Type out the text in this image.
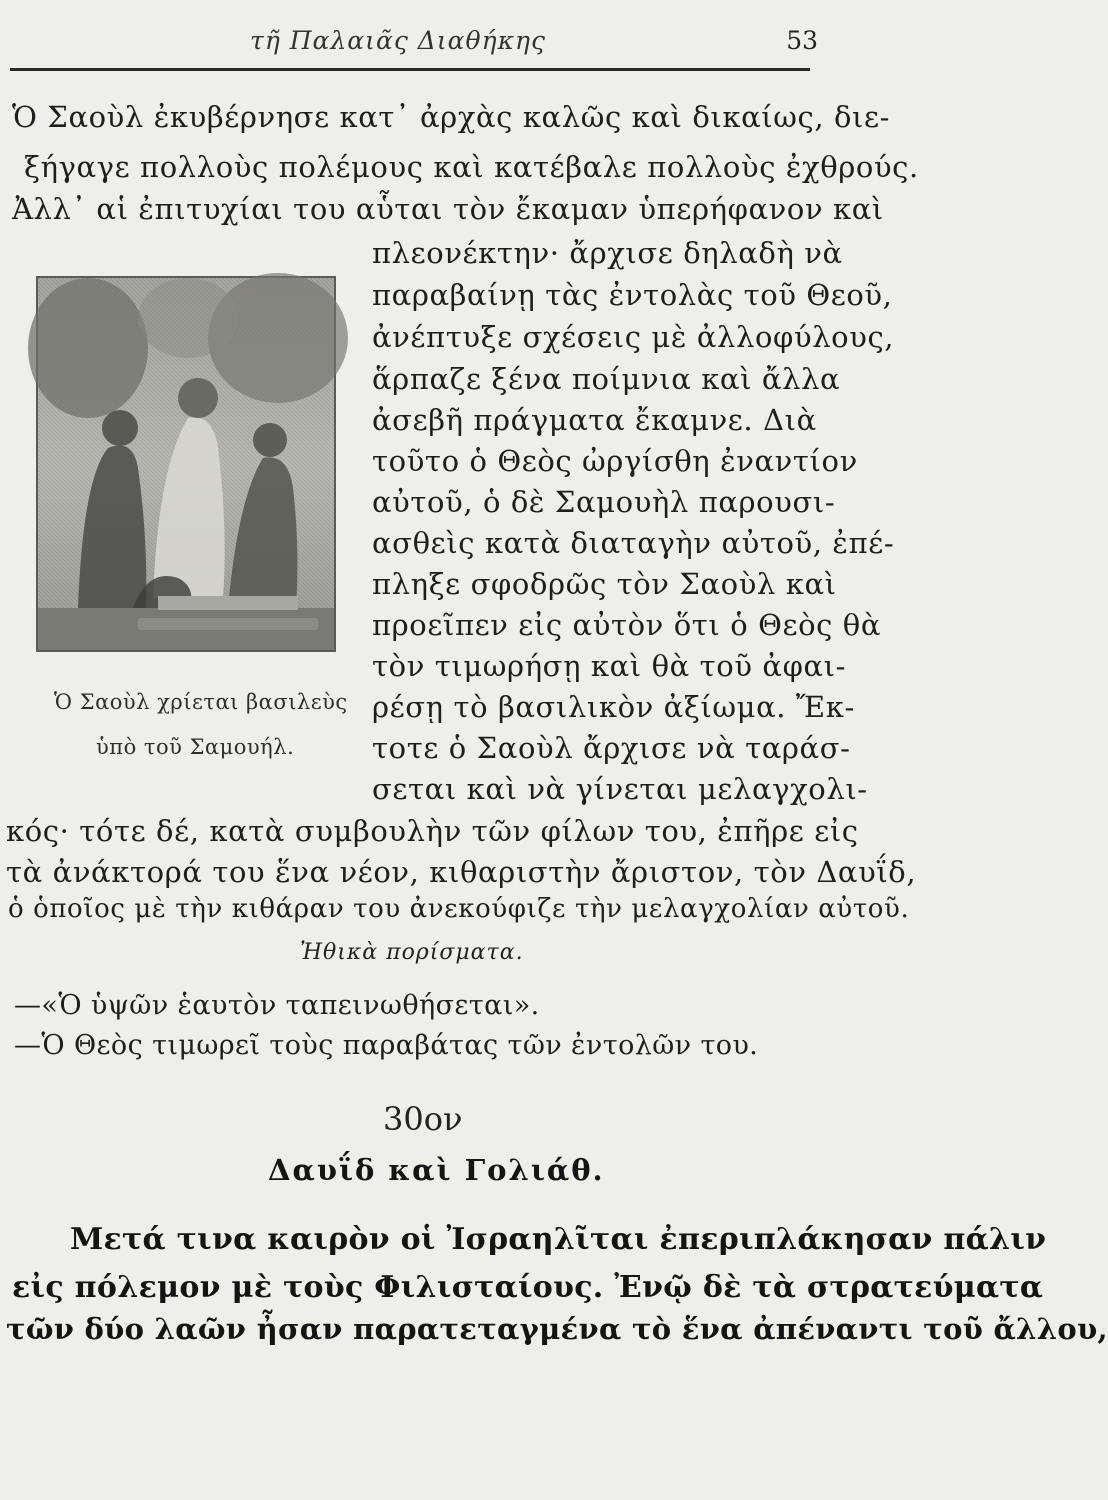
τῆ Παλαιᾶς Διαθήκης	53
Ὁ Σαοὺλ ἐκυβέρνησε κατ᾿ ἀρχὰς καλῶς καὶ δικαίως, διε-
ξήγαγε πολλοὺς πολέμους καὶ κατέβαλε πολλοὺς ἐχθρούς.
Ἀλλ᾿ αἱ ἐπιτυχίαι του αὗται τὸν ἔκαμαν ὑπερήφανον καὶ
Ὁ Σαοὺλ χρίεται βασιλεὺς
ὑπὸ τοῦ Σαμουήλ.
πλεονέκτην· ἄρχισε δηλαδὴ νὰ
παραβαίνῃ τὰς ἐντολὰς τοῦ Θεοῦ,
ἀνέπτυξε σχέσεις μὲ ἀλλοφύλους,
ἅρπαζε ξένα ποίμνια καὶ ἄλλα
ἀσεβῆ πράγματα ἔκαμνε. Διὰ
τοῦτο ὁ Θεὸς ὠργίσθη ἐναντίον
αὐτοῦ, ὁ δὲ Σαμουὴλ παρουσι-
ασθεὶς κατὰ διαταγὴν αὐτοῦ, ἐπέ-
πληξε σφοδρῶς τὸν Σαοὺλ καὶ
προεῖπεν εἰς αὐτὸν ὅτι ὁ Θεὸς θὰ
τὸν τιμωρήσῃ καὶ θὰ τοῦ ἀφαι-
ρέσῃ τὸ βασιλικὸν ἀξίωμα. Ἔκ-
τοτε ὁ Σαοὺλ ἄρχισε νὰ ταράσ-
σεται καὶ νὰ γίνεται μελαγχολι-
κός· τότε δέ, κατὰ συμβουλὴν τῶν φίλων του, ἐπῆρε εἰς
τὰ ἀνάκτορά του ἕνα νέον, κιθαριστὴν ἄριστον, τὸν Δαυΐδ,
ὁ ὁποῖος μὲ τὴν κιθάραν του ἀνεκούφιζε τὴν μελαγχολίαν αὐτοῦ.
Ἠθικὰ πορίσματα.
—«Ὁ ὑψῶν ἑαυτὸν ταπεινωθήσεται».
—Ὁ Θεὸς τιμωρεῖ τοὺς παραβάτας τῶν ἐντολῶν του.
30ον
Δαυΐδ καὶ Γολιάθ.
Μετά τινα καιρὸν οἱ Ἰσραηλῖται ἐπεριπλάκησαν πάλιν
εἰς πόλεμον μὲ τοὺς Φιλισταίους. Ἐνῷ δὲ τὰ στρατεύματα
τῶν δύο λαῶν ἦσαν παρατεταγμένα τὸ ἕνα ἀπέναντι τοῦ ἄλλου,
